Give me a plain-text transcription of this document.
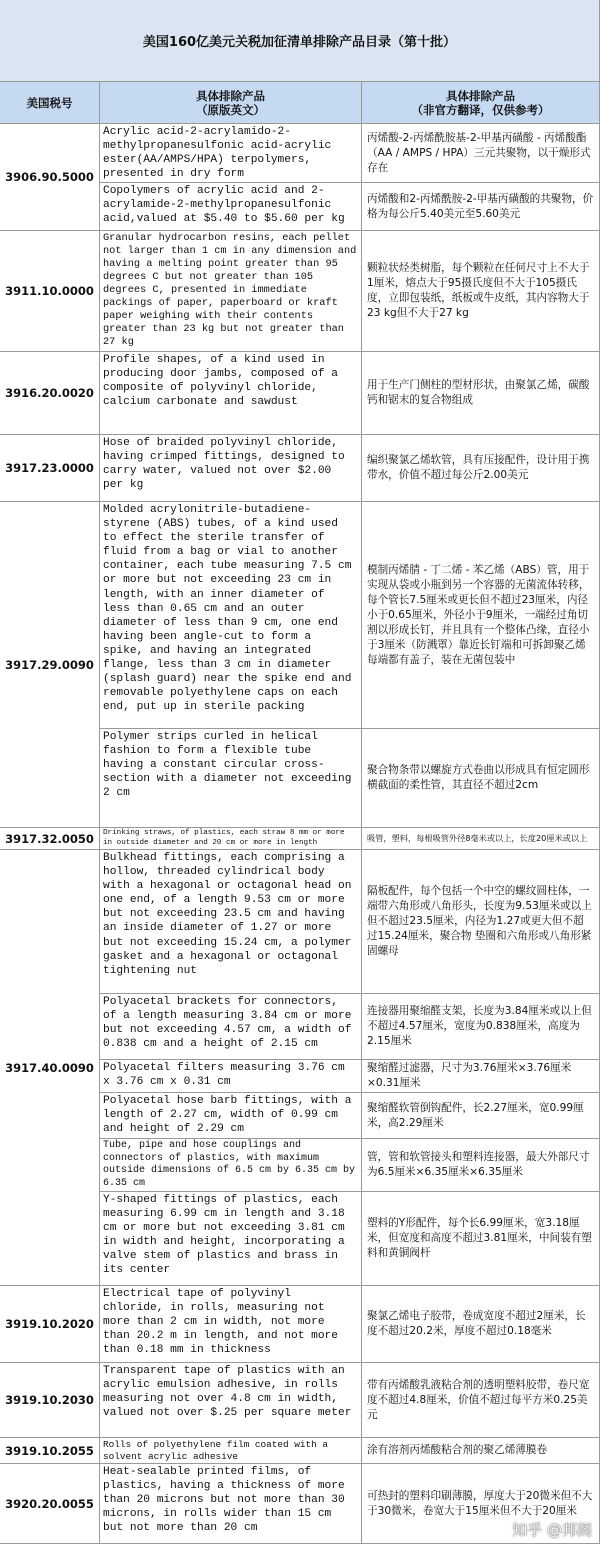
美国160亿美元关税加征清单排除产品目录（第十批）
美国税号	具体排除产品
（原版英文）
具体排除产品
（非官方翻译，仅供参考）
3906.90.5000
3911.10.0000
3916.20.0020
3917.23.0000
3917.29.0090
3917.32.0050
3917.40.0090
3919.10.2020
3919.10.2030
3919.10.2055
3920.20.0055
Acrylic acid-2-acrylamido-2-methylpropanesulfonic acid-acrylic ester(AA/AMPS/HPA) terpolymers, presented in dry form
丙烯酸-2-丙烯酰胺基-2-甲基丙磺酸 - 丙烯酸酯（AA / AMPS / HPA）三元共聚物，以干燥形式存在
Copolymers of acrylic acid and 2-acrylamide-2-methylpropanesulfonic acid,valued at $5.40 to $5.60 per kg
丙烯酸和2-丙烯酰胺-2-甲基丙磺酸的共聚物，价格为每公斤5.40美元至5.60美元
Granular hydrocarbon resins, each pellet not larger than 1 cm in any dimension and having a melting point greater than 95 degrees C but not greater than 105 degrees C, presented in immediate packings of paper, paperboard or kraft paper weighing with their contents greater than 23 kg but not greater than 27 kg
颗粒状烃类树脂，每个颗粒在任何尺寸上不大于1厘米，熔点大于95摄氏度但不大于105摄氏度，立即包装纸，纸板或牛皮纸，其内容物大于23 kg但不大于27 kg
Profile shapes, of a kind used in producing door jambs, composed of a composite of polyvinyl chloride, calcium carbonate and sawdust
用于生产门侧柱的型材形状，由聚氯乙烯，碳酸钙和锯末的复合物组成
Hose of braided polyvinyl chloride, having crimped fittings, designed to carry water, valued not over $2.00 per kg
编织聚氯乙烯软管，具有压接配件，设计用于携带水，价值不超过每公斤2.00美元
Molded acrylonitrile-butadiene-styrene (ABS) tubes, of a kind used to effect the sterile transfer of fluid from a bag or vial to another container, each tube measuring 7.5 cm or more but not exceeding 23 cm in length, with an inner diameter of less than 0.65 cm and an outer diameter of less than 9 cm, one end having been angle-cut to form a spike, and having an integrated flange, less than 3 cm in diameter (splash guard) near the spike end and removable polyethylene caps on each end, put up in sterile packing
模制丙烯腈 - 丁二烯 - 苯乙烯（ABS）管，用于实现从袋或小瓶到另一个容器的无菌流体转移，每个管长7.5厘米或更长但不超过23厘米，内径 小于0.65厘米，外径小于9厘米，一端经过角切割以形成长钉，并且具有一个整体凸缘，直径小于3厘米（防溅罩）靠近长钉端和可拆卸聚乙烯每端都有盖子，装在无菌包装中
Polymer strips curled in helical fashion to form a flexible tube having a constant circular cross-section with a diameter not exceeding 2 cm
聚合物条带以螺旋方式卷曲以形成具有恒定圆形横截面的柔性管，其直径不超过2cm
Drinking straws, of plastics, each straw 8 mm or more in outside diameter and 20 cm or more in length	吸管，塑料，每根吸管外径8毫米或以上，长度20厘米或以上
Bulkhead fittings, each comprising a hollow, threaded cylindrical body with a hexagonal or octagonal head on one end, of a length 9.53 cm or more but not exceeding 23.5 cm and having an inside diameter of 1.27 or more but not exceeding 15.24 cm, a polymer gasket and a hexagonal or octagonal tightening nut
隔板配件，每个包括一个中空的螺纹圆柱体，一端带六角形或八角形头，长度为9.53厘米或以上但不超过23.5厘米，内径为1.27或更大但不超过15.24厘米，聚合物 垫圈和六角形或八角形紧固螺母
Polyacetal brackets for connectors, of a length measuring 3.84 cm or more but not exceeding 4.57 cm, a width of 0.838 cm and a height of 2.15 cm
连接器用聚缩醛支架，长度为3.84厘米或以上但不超过4.57厘米，宽度为0.838厘米，高度为2.15厘米
Polyacetal filters measuring 3.76 cm x 3.76 cm x 0.31 cm
聚缩醛过滤器，尺寸为3.76厘米×3.76厘米×0.31厘米
Polyacetal hose barb fittings, with a length of 2.27 cm, width of 0.99 cm and height of 2.29 cm
聚缩醛软管倒钩配件，长2.27厘米，宽0.99厘米，高2.29厘米
Tube, pipe and hose couplings and connectors of plastics, with maximum outside dimensions of 6.5 cm by 6.35 cm by 6.35 cm
管，管和软管接头和塑料连接器，最大外部尺寸为6.5厘米×6.35厘米×6.35厘米
Y-shaped fittings of plastics, each measuring 6.99 cm in length and 3.18 cm or more but not exceeding 3.81 cm in width and height, incorporating a valve stem of plastics and brass in its center
塑料的Y形配件，每个长6.99厘米，宽3.18厘米，但宽度和高度不超过3.81厘米，中间装有塑料和黄铜阀杆
Electrical tape of polyvinyl chloride, in rolls, measuring not more than 2 cm in width, not more than 20.2 m in length, and not more than 0.18 mm in thickness
聚氯乙烯电子胶带，卷成宽度不超过2厘米，长度不超过20.2米，厚度不超过0.18毫米
Transparent tape of plastics with an acrylic emulsion adhesive, in rolls measuring not over 4.8 cm in width, valued not over $.25 per square meter
带有丙烯酸乳液粘合剂的透明塑料胶带，卷尺宽度不超过4.8厘米，价值不超过每平方米0.25美元
Rolls of polyethylene film coated with a solvent acrylic adhesive
涂有溶剂丙烯酸粘合剂的聚乙烯薄膜卷
Heat-sealable printed films, of plastics, having a thickness of more than 20 microns but not more than 30 microns, in rolls wider than 15 cm but not more than 20 cm
可热封的塑料印刷薄膜，厚度大于20微米但不大于30微米，卷宽大于15厘米但不大于20厘米
知乎 @邦阁
